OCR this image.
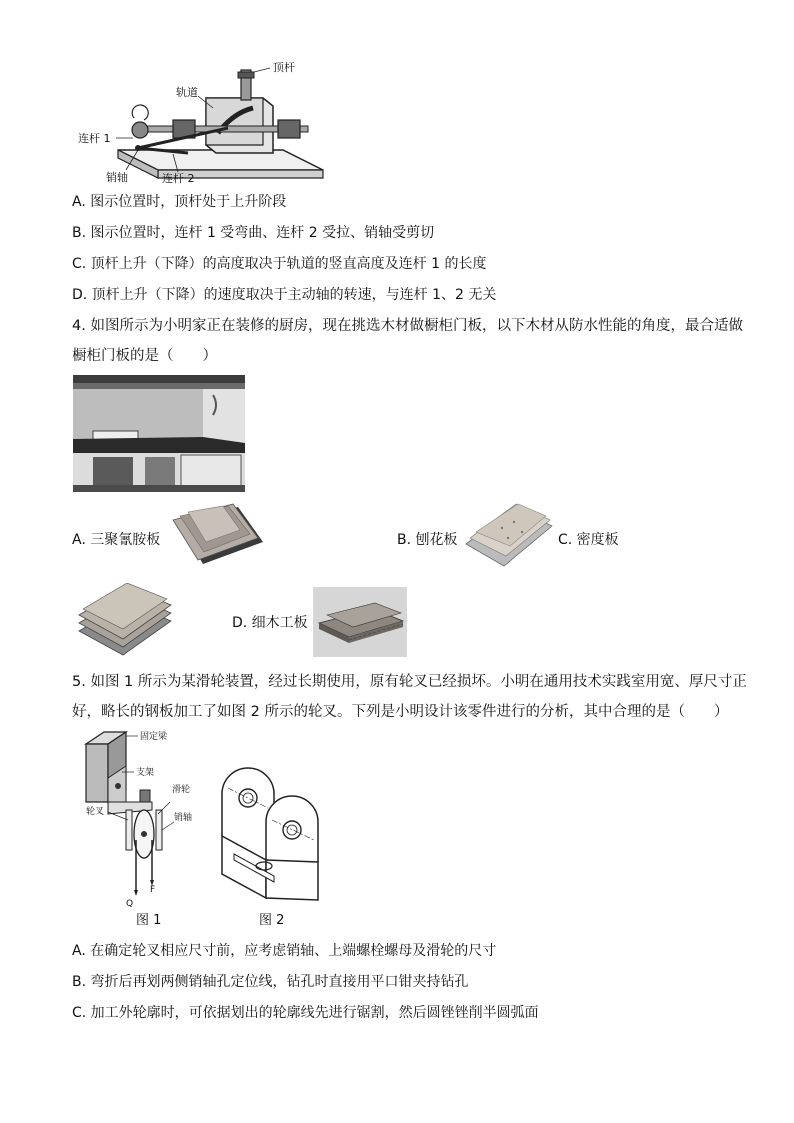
顶杆
轨道
连杆 1
销轴	连杆 2
A. 图示位置时，顶杆处于上升阶段
B. 图示位置时，连杆 1 受弯曲、连杆 2 受拉、销轴受剪切
C. 顶杆上升（下降）的高度取决于轨道的竖直高度及连杆 1 的长度
D. 顶杆上升（下降）的速度取决于主动轴的转速，与连杆 1、2 无关
4. 如图所示为小明家正在装修的厨房，现在挑选木材做橱柜门板，以下木材从防水性能的角度，最合适做
橱柜门板的是（　　）
A. 三聚氰胺板	B. 刨花板	C. 密度板
D. 细木工板
5. 如图 1 所示为某滑轮装置，经过长期使用，原有轮叉已经损坏。小明在通用技术实践室用宽、厚尺寸正
好，略长的钢板加工了如图 2 所示的轮叉。下列是小明设计该零件进行的分析，其中合理的是（　　）
固定梁
支架
滑轮
轮叉
销轴
Q
F
图 1	图 2
A. 在确定轮叉相应尺寸前，应考虑销轴、上端螺栓螺母及滑轮的尺寸
B. 弯折后再划两侧销轴孔定位线，钻孔时直接用平口钳夹持钻孔
C. 加工外轮廓时，可依据划出的轮廓线先进行锯割，然后圆锉锉削半圆弧面
